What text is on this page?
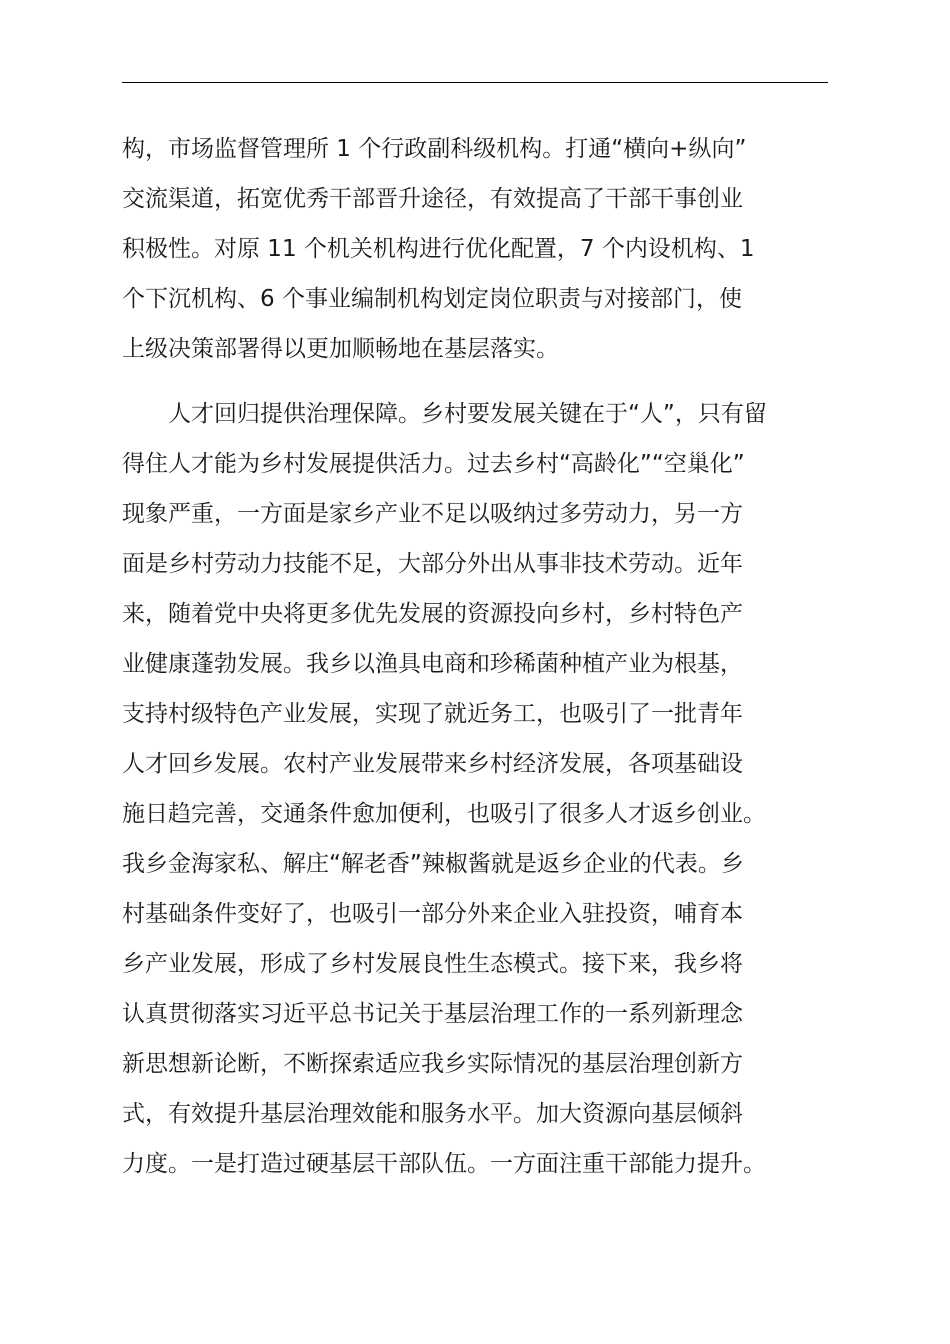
构，市场监督管理所 1 个行政副科级机构。打通“横向+纵向”
交流渠道，拓宽优秀干部晋升途径，有效提高了干部干事创业
积极性。对原 11 个机关机构进行优化配置，7 个内设机构、1
个下沉机构、6 个事业编制机构划定岗位职责与对接部门，使
上级决策部署得以更加顺畅地在基层落实。
人才回归提供治理保障。乡村要发展关键在于“人”，只有留
得住人才能为乡村发展提供活力。过去乡村“高龄化”“空巢化”
现象严重，一方面是家乡产业不足以吸纳过多劳动力，另一方
面是乡村劳动力技能不足，大部分外出从事非技术劳动。近年
来，随着党中央将更多优先发展的资源投向乡村，乡村特色产
业健康蓬勃发展。我乡以渔具电商和珍稀菌种植产业为根基，
支持村级特色产业发展，实现了就近务工，也吸引了一批青年
人才回乡发展。农村产业发展带来乡村经济发展，各项基础设
施日趋完善，交通条件愈加便利，也吸引了很多人才返乡创业。
我乡金海家私、解庄“解老香”辣椒酱就是返乡企业的代表。乡
村基础条件变好了，也吸引一部分外来企业入驻投资，哺育本
乡产业发展，形成了乡村发展良性生态模式。接下来，我乡将
认真贯彻落实习近平总书记关于基层治理工作的一系列新理念
新思想新论断，不断探索适应我乡实际情况的基层治理创新方
式，有效提升基层治理效能和服务水平。加大资源向基层倾斜
力度。一是打造过硬基层干部队伍。一方面注重干部能力提升。
